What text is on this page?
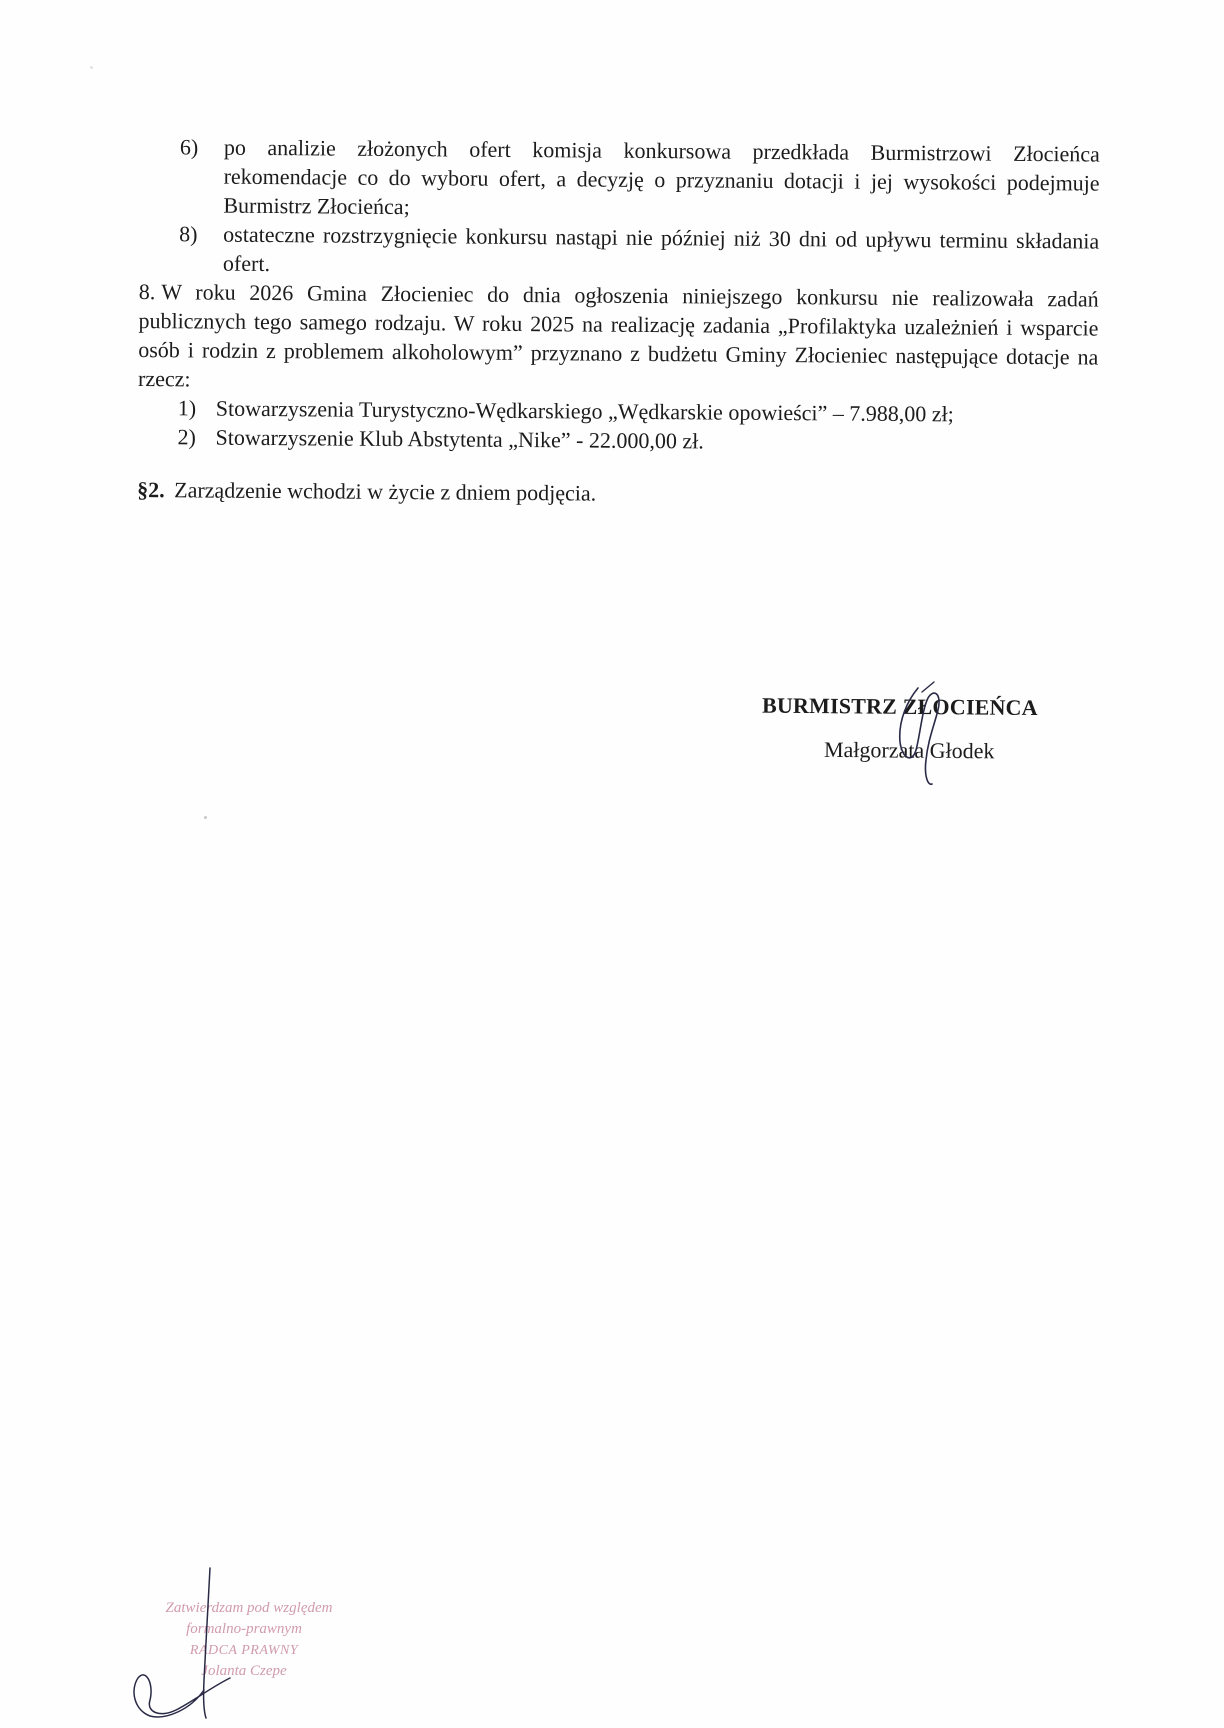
6) po analizie złożonych ofert komisja konkursowa przedkłada Burmistrzowi Złocieńca rekomendacje co do wyboru ofert, a decyzję o przyznaniu dotacji i jej wysokości podejmuje Burmistrz Złocieńca;
8) ostateczne rozstrzygnięcie konkursu nastąpi nie później niż 30 dni od upływu terminu składania ofert.
8. W roku 2026 Gmina Złocieniec do dnia ogłoszenia niniejszego konkursu nie realizowała zadań publicznych tego samego rodzaju. W roku 2025 na realizację zadania „Profilaktyka uzależnień i wsparcie osób i rodzin z problemem alkoholowym” przyznano z budżetu Gminy Złocieniec następujące dotacje na rzecz:
1) Stowarzyszenia Turystyczno-Wędkarskiego „Wędkarskie opowieści” – 7.988,00 zł;
2) Stowarzyszenie Klub Abstytenta „Nike” - 22.000,00 zł.
§2. Zarządzenie wchodzi w życie z dniem podjęcia.
BURMISTRZ ZŁOCIEŃCA
Małgorzata Głodek
Zatwierdzam pod względem
formalno-prawnym
RADCA PRAWNY
Jolanta Czepe
